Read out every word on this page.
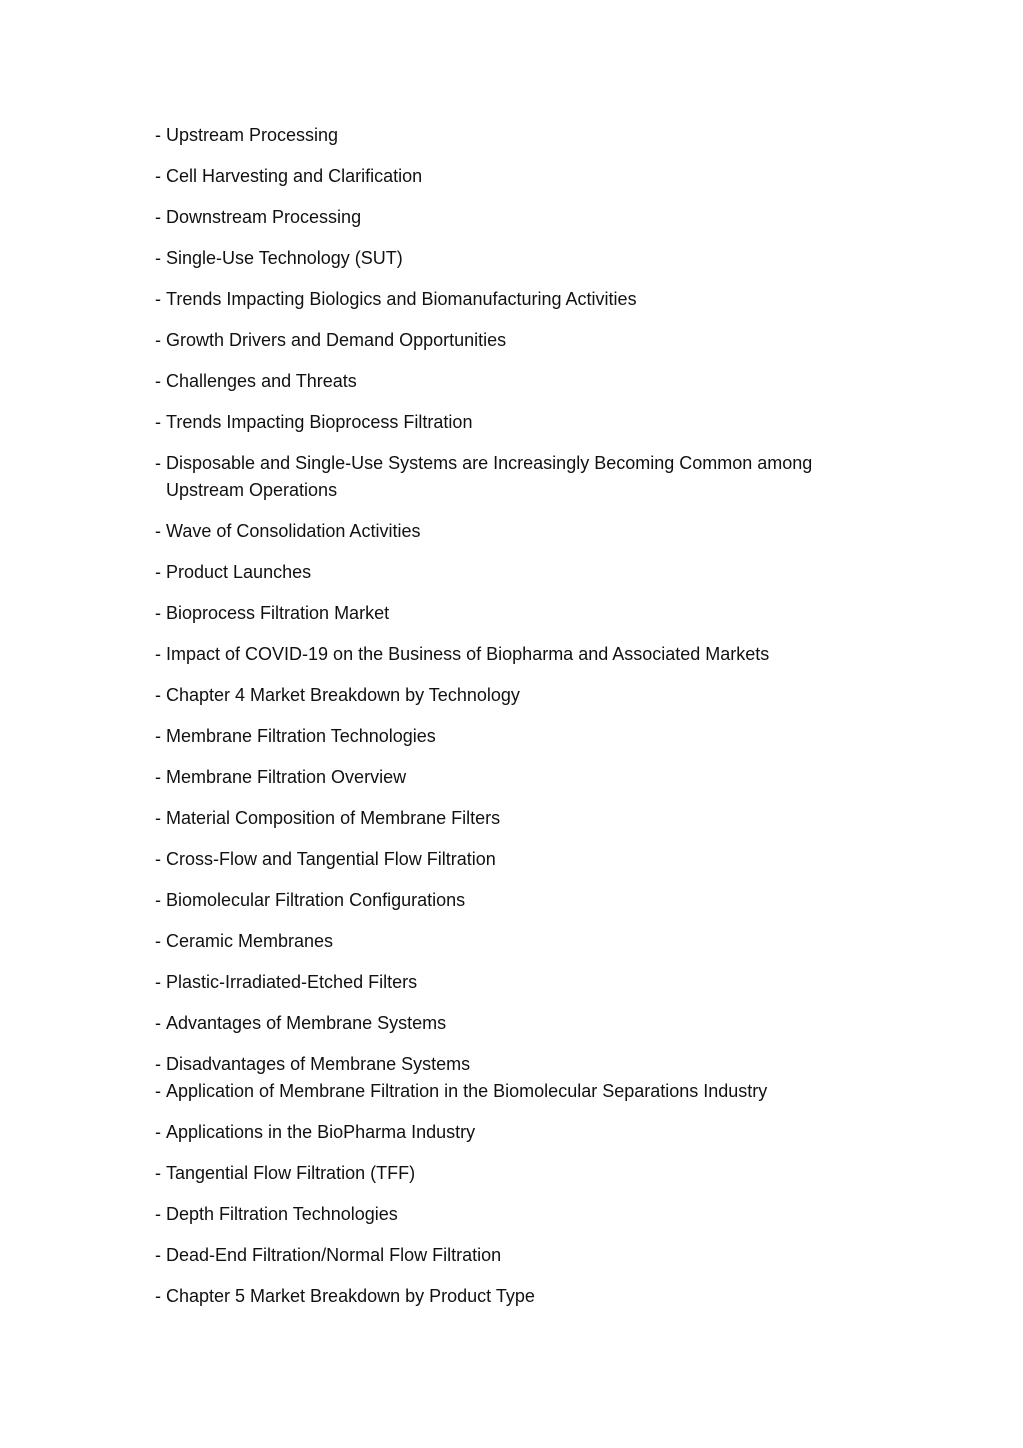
- Upstream Processing
- Cell Harvesting and Clarification
- Downstream Processing
- Single-Use Technology (SUT)
- Trends Impacting Biologics and Biomanufacturing Activities
- Growth Drivers and Demand Opportunities
- Challenges and Threats
- Trends Impacting Bioprocess Filtration
- Disposable and Single-Use Systems are Increasingly Becoming Common among Upstream Operations
- Wave of Consolidation Activities
- Product Launches
- Bioprocess Filtration Market
- Impact of COVID-19 on the Business of Biopharma and Associated Markets
- Chapter 4 Market Breakdown by Technology
- Membrane Filtration Technologies
- Membrane Filtration Overview
- Material Composition of Membrane Filters
- Cross-Flow and Tangential Flow Filtration
- Biomolecular Filtration Configurations
- Ceramic Membranes
- Plastic-Irradiated-Etched Filters
- Advantages of Membrane Systems
- Disadvantages of Membrane Systems
- Application of Membrane Filtration in the Biomolecular Separations Industry
- Applications in the BioPharma Industry
- Tangential Flow Filtration (TFF)
- Depth Filtration Technologies
- Dead-End Filtration/Normal Flow Filtration
- Chapter 5 Market Breakdown by Product Type
